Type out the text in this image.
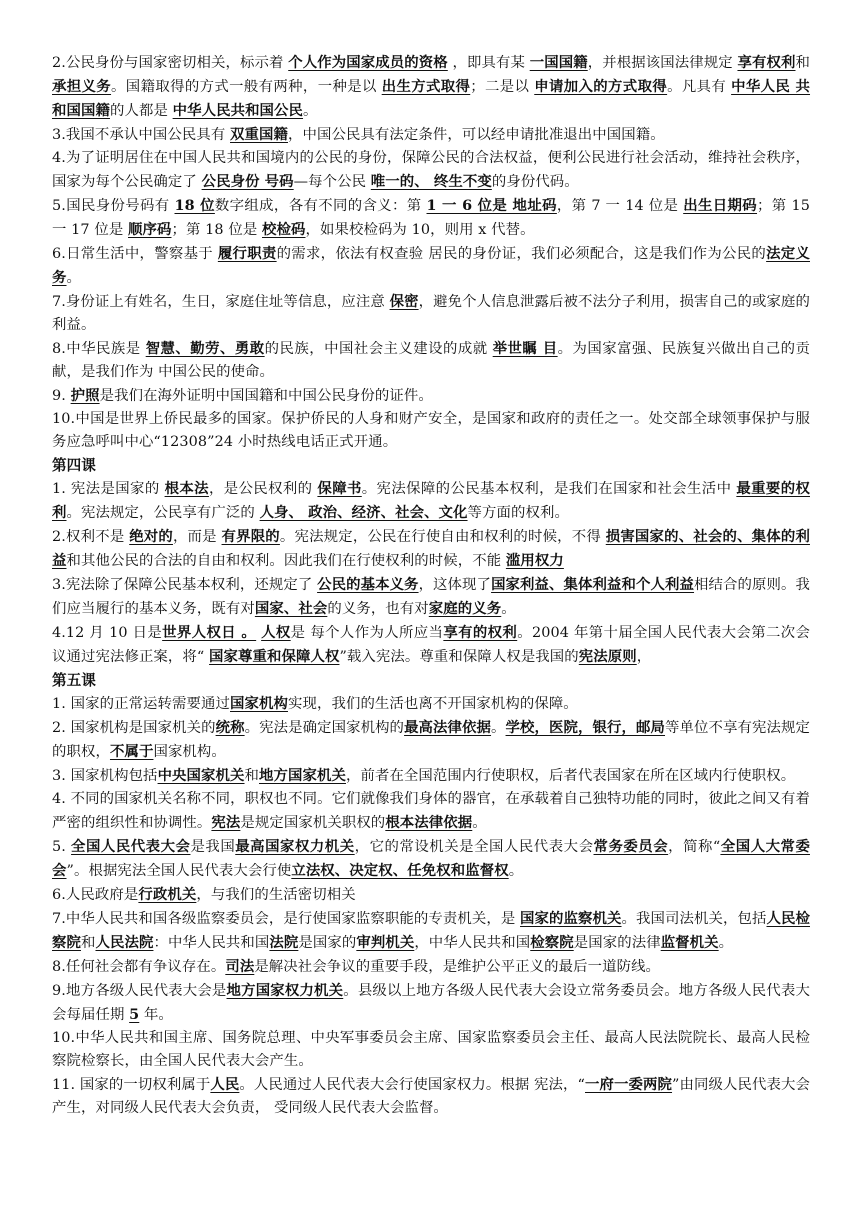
2.公民身份与国家密切相关，标示着 个人作为国家成员的资格 ，即具有某 一国国籍，并根据该国法律规定 享有权利和 承担义务。国籍取得的方式一般有两种，一种是以 出生方式取得；二是以 申请加入的方式取得。凡具有 中华人民 共和国国籍的人都是 中华人民共和国公民。

3.我国不承认中国公民具有 双重国籍，中国公民具有法定条件，可以经申请批准退出中国国籍。

4.为了证明居住在中国人民共和国境内的公民的身份，保障公民的合法权益，便利公民进行社会活动，维持社会秩序，国家为每个公民确定了 公民身份 号码—每个公民 唯一的、 终生不变的身份代码。

5.国民身份号码有 18 位数字组成，各有不同的含义：第 1 一 6 位是 地址码，第 7 一 14 位是 出生日期码；第 15 一 17 位是 顺序码；第 18 位是 校检码，如果校检码为 10，则用 x 代替。

6.日常生活中，警察基于 履行职责的需求，依法有权查验 居民的身份证，我们必须配合，这是我们作为公民的法定义务。

7.身份证上有姓名，生日，家庭住址等信息，应注意 保密，避免个人信息泄露后被不法分子利用，损害自己的或家庭的利益。

8.中华民族是 智慧、勤劳、勇敢的民族，中国社会主义建设的成就 举世瞩 目。为国家富强、民族复兴做出自己的贡献，是我们作为 中国公民的使命。

9. 护照是我们在海外证明中国国籍和中国公民身份的证件。

10.中国是世界上侨民最多的国家。保护侨民的人身和财产安全，是国家和政府的责任之一。处交部全球领事保护与服务应急呼叫中心“12308”24 小时热线电话正式开通。

第四课

1. 宪法是国家的 根本法，是公民权利的 保障书。宪法保障的公民基本权利，是我们在国家和社会生活中 最重要的权利。宪法规定，公民享有广泛的 人身、 政治、经济、社会、文化等方面的权利。

2.权利不是 绝对的，而是 有界限的。宪法规定，公民在行使自由和权利的时候，不得 损害国家的、社会的、集体的利益和其他公民的合法的自由和权利。因此我们在行使权利的时候，不能 滥用权力

3.宪法除了保障公民基本权利，还规定了 公民的基本义务，这体现了国家利益、集体利益和个人利益相结合的原则。我们应当履行的基本义务，既有对国家、社会的义务，也有对家庭的义务。

4.12 月 10 日是世界人权日 。 人权是 每个人作为人所应当享有的权利。2004 年第十届全国人民代表大会第二次会议通过宪法修正案，将“ 国家尊重和保障人权”载入宪法。尊重和保障人权是我国的宪法原则，

第五课

1. 国家的正常运转需要通过国家机构实现，我们的生活也离不开国家机构的保障。

2. 国家机构是国家机关的统称。宪法是确定国家机构的最高法律依据。学校，医院，银行，邮局等单位不享有宪法规定的职权，不属于国家机构。

3. 国家机构包括中央国家机关和地方国家机关，前者在全国范围内行使职权，后者代表国家在所在区域内行使职权。

4. 不同的国家机关名称不同，职权也不同。它们就像我们身体的器官，在承载着自己独特功能的同时，彼此之间又有着严密的组织性和协调性。宪法是规定国家机关职权的根本法律依据。

5. 全国人民代表大会是我国最高国家权力机关，它的常设机关是全国人民代表大会常务委员会，简称“全国人大常委会”。根据宪法全国人民代表大会行使立法权、决定权、任免权和监督权。

6.人民政府是行政机关，与我们的生活密切相关

7.中华人民共和国各级监察委员会，是行使国家监察职能的专责机关，是 国家的监察机关。我国司法机关，包括人民检察院和人民法院：中华人民共和国法院是国家的审判机关，中华人民共和国检察院是国家的法律监督机关。

8.任何社会都有争议存在。司法是解决社会争议的重要手段，是维护公平正义的最后一道防线。

9.地方各级人民代表大会是地方国家权力机关。县级以上地方各级人民代表大会设立常务委员会。地方各级人民代表大会每届任期 5 年。

10.中华人民共和国主席、国务院总理、中央军事委员会主席、国家监察委员会主任、最高人民法院院长、最高人民检察院检察长，由全国人民代表大会产生。

11. 国家的一切权利属于人民。人民通过人民代表大会行使国家权力。根据 宪法，“一府一委两院”由同级人民代表大会产生，对同级人民代表大会负责， 受同级人民代表大会监督。
